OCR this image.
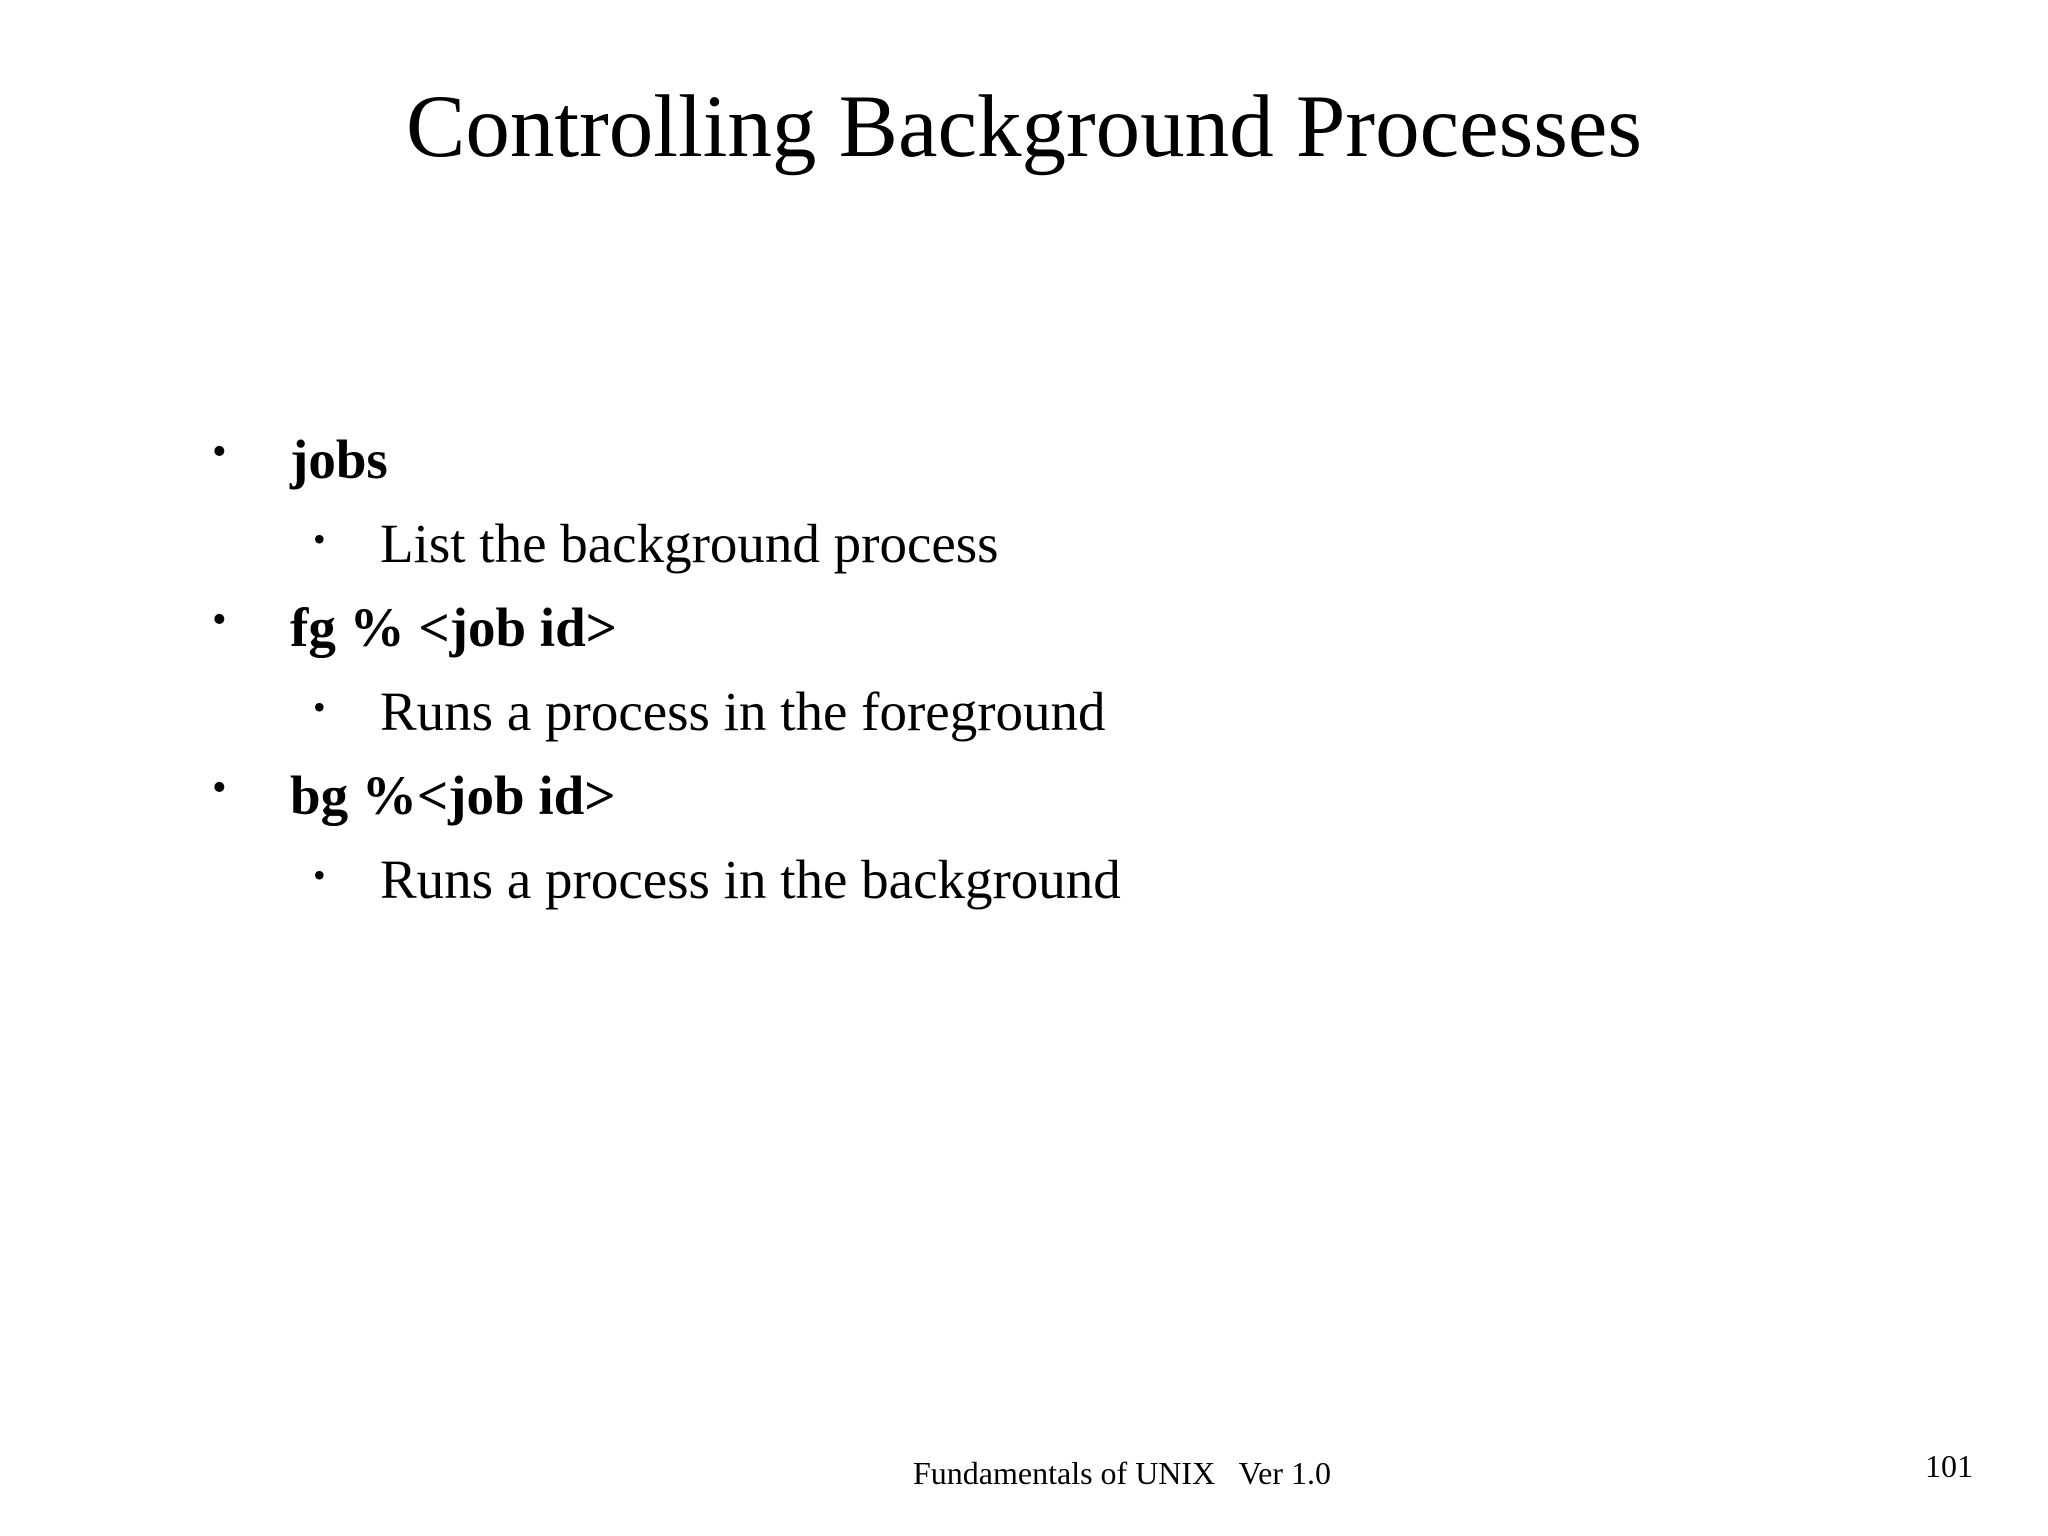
Controlling Background Processes
• jobs
• List the background process
• fg % <job id>
• Runs a process in the foreground
• bg %<job id>
• Runs a process in the background
Fundamentals of UNIX   Ver 1.0	101
